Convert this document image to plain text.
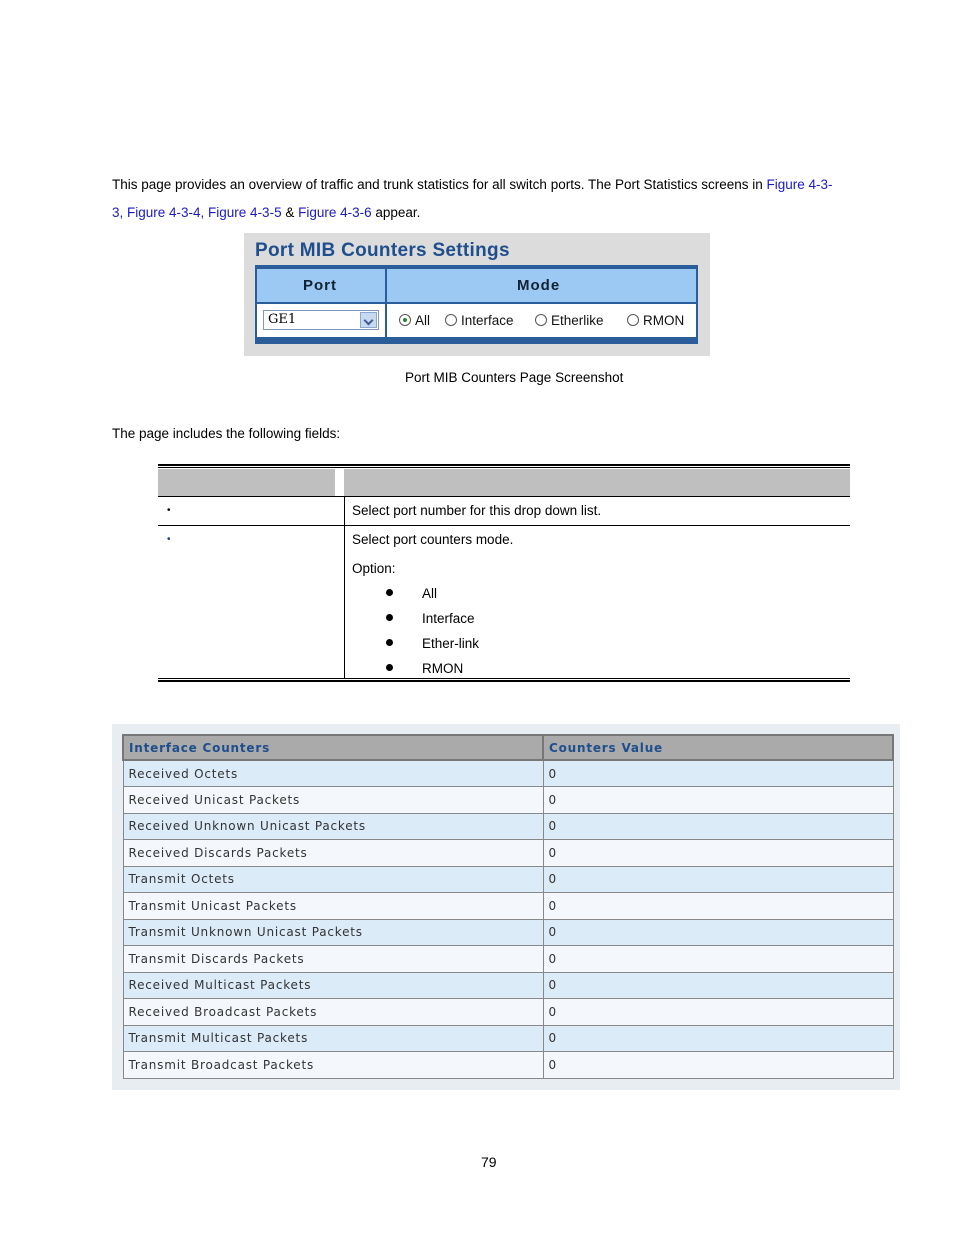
This page provides an overview of traffic and trunk statistics for all switch ports. The Port Statistics screens in Figure 4-3-3, Figure 4-3-4, Figure 4-3-5 & Figure 4-3-6 appear.
Port MIB Counters Settings
Port	Mode
GE1	All	Interface	Etherlike	RMON
Port MIB Counters Page Screenshot
The page includes the following fields:
•	Select port number for this drop down list.
•	Select port counters mode.
Option:
All
Interface
Ether-link
RMON
Interface Counters	Counters Value
Received Octets	0
Received Unicast Packets	0
Received Unknown Unicast Packets	0
Received Discards Packets	0
Transmit Octets	0
Transmit Unicast Packets	0
Transmit Unknown Unicast Packets	0
Transmit Discards Packets	0
Received Multicast Packets	0
Received Broadcast Packets	0
Transmit Multicast Packets	0
Transmit Broadcast Packets	0
79
